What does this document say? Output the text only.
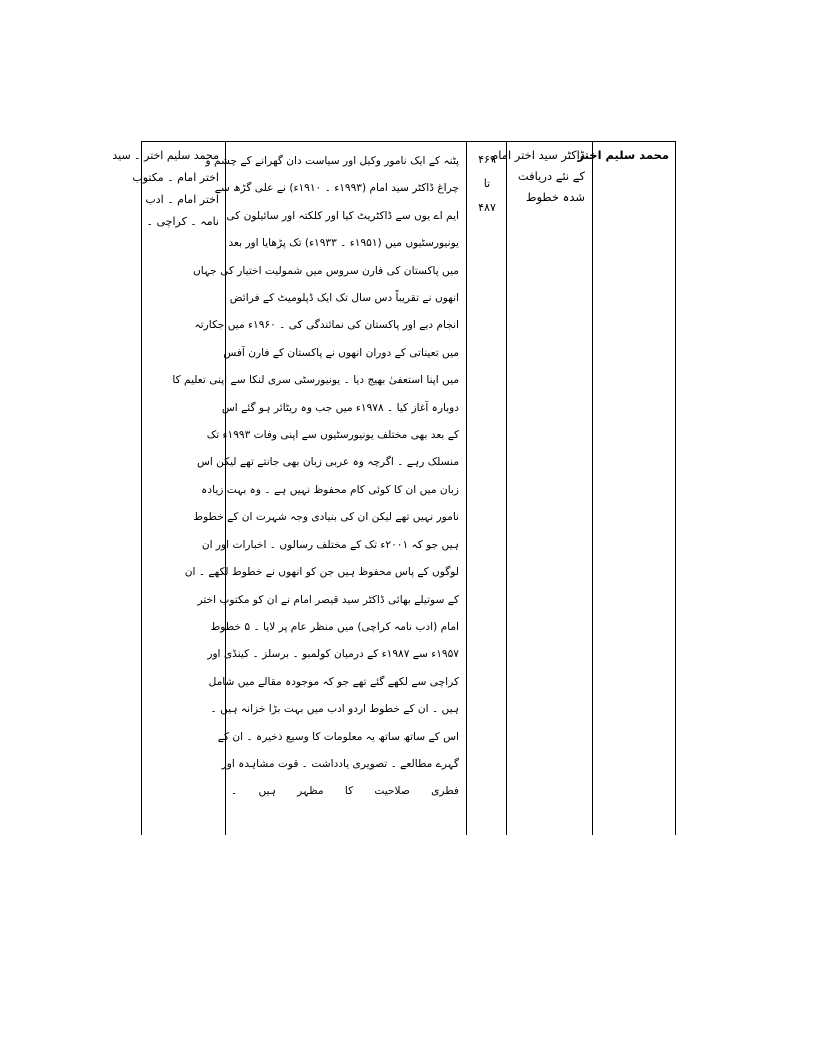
محمد سلیم اختر
ڈاکٹر سید اختر امام
کے نئے دریافت
شدہ خطوط
۴۶۹
تا
۴۸۷
پٹنہ کے ایک نامور وکیل اور سیاست دان گھرانے کے چشم و
چراغ ڈاکٹر سید امام (۱۹۹۳ء ۔ ۱۹۱۰ء) نے علی گڑھ سے
ایم اے یوں سے ڈاکٹریٹ کیا اور کلکتہ اور سائیلون کی
یونیورسٹیوں میں (۱۹۵۱ء ۔ ۱۹۳۳ء) تک پڑھایا اور بعد
میں پاکستان کی فارن سروس میں شمولیت اختیار کی جہاں
انھوں نے تقریباً دس سال تک ایک ڈپلومیٹ کے فرائض
انجام دیے اور پاکستان کی نمائندگی کی ۔ ۱۹۶۰ء میں جکارتہ
میں تعیناتی کے دوران انھوں نے پاکستان کے فارن آفس
میں اپنا استعفیٰ بھیج دیا ۔ یونیورسٹی سری لنکا سے اپنی تعلیم کا
دوبارہ آغاز کیا ۔ ۱۹۷۸ء میں جب وہ ریٹائر ہو گئے اس
کے بعد بھی مختلف یونیورسٹیوں سے اپنی وفات ۱۹۹۳ء تک
منسلک رہے ۔ اگرچہ وہ عربی زبان بھی جانتے تھے لیکن اس
زبان میں ان کا کوئی کام محفوظ نہیں ہے ۔ وہ بہت زیادہ
نامور نہیں تھے لیکن ان کی بنیادی وجہ شہرت ان کے خطوط
ہیں جو کہ ۲۰۰۱ء تک کے مختلف رسالوں ۔ اخبارات اور ان
لوگوں کے پاس محفوظ ہیں جن کو انھوں نے خطوط لکھے ۔ ان
کے سوتیلے بھائی ڈاکٹر سید قیصر امام نے ان کو مکتوب اختر
امام (ادب نامہ کراچی) میں منظر عام پر لایا ۔ ۵ خطوط
۱۹۵۷ء سے ۱۹۸۷ء کے درمیان کولمبو ۔ برسلز ۔ کینڈی اور
کراچی سے لکھے گئے تھے جو کہ موجودہ مقالے میں شامل
ہیں ۔ ان کے خطوط اردو ادب میں بہت بڑا خزانہ ہیں ۔
اس کے ساتھ ساتھ یہ معلومات کا وسیع ذخیرہ ۔ ان کے
گہرے مطالعے ۔ تصویری یادداشت ۔ قوت مشاہدہ اور
فطری صلاحیت کا مظہر ہیں ۔
محمد سلیم اختر ۔ سید
اختر امام ۔ مکتوب
اختر امام ۔ ادب
نامہ ۔ کراچی ۔
